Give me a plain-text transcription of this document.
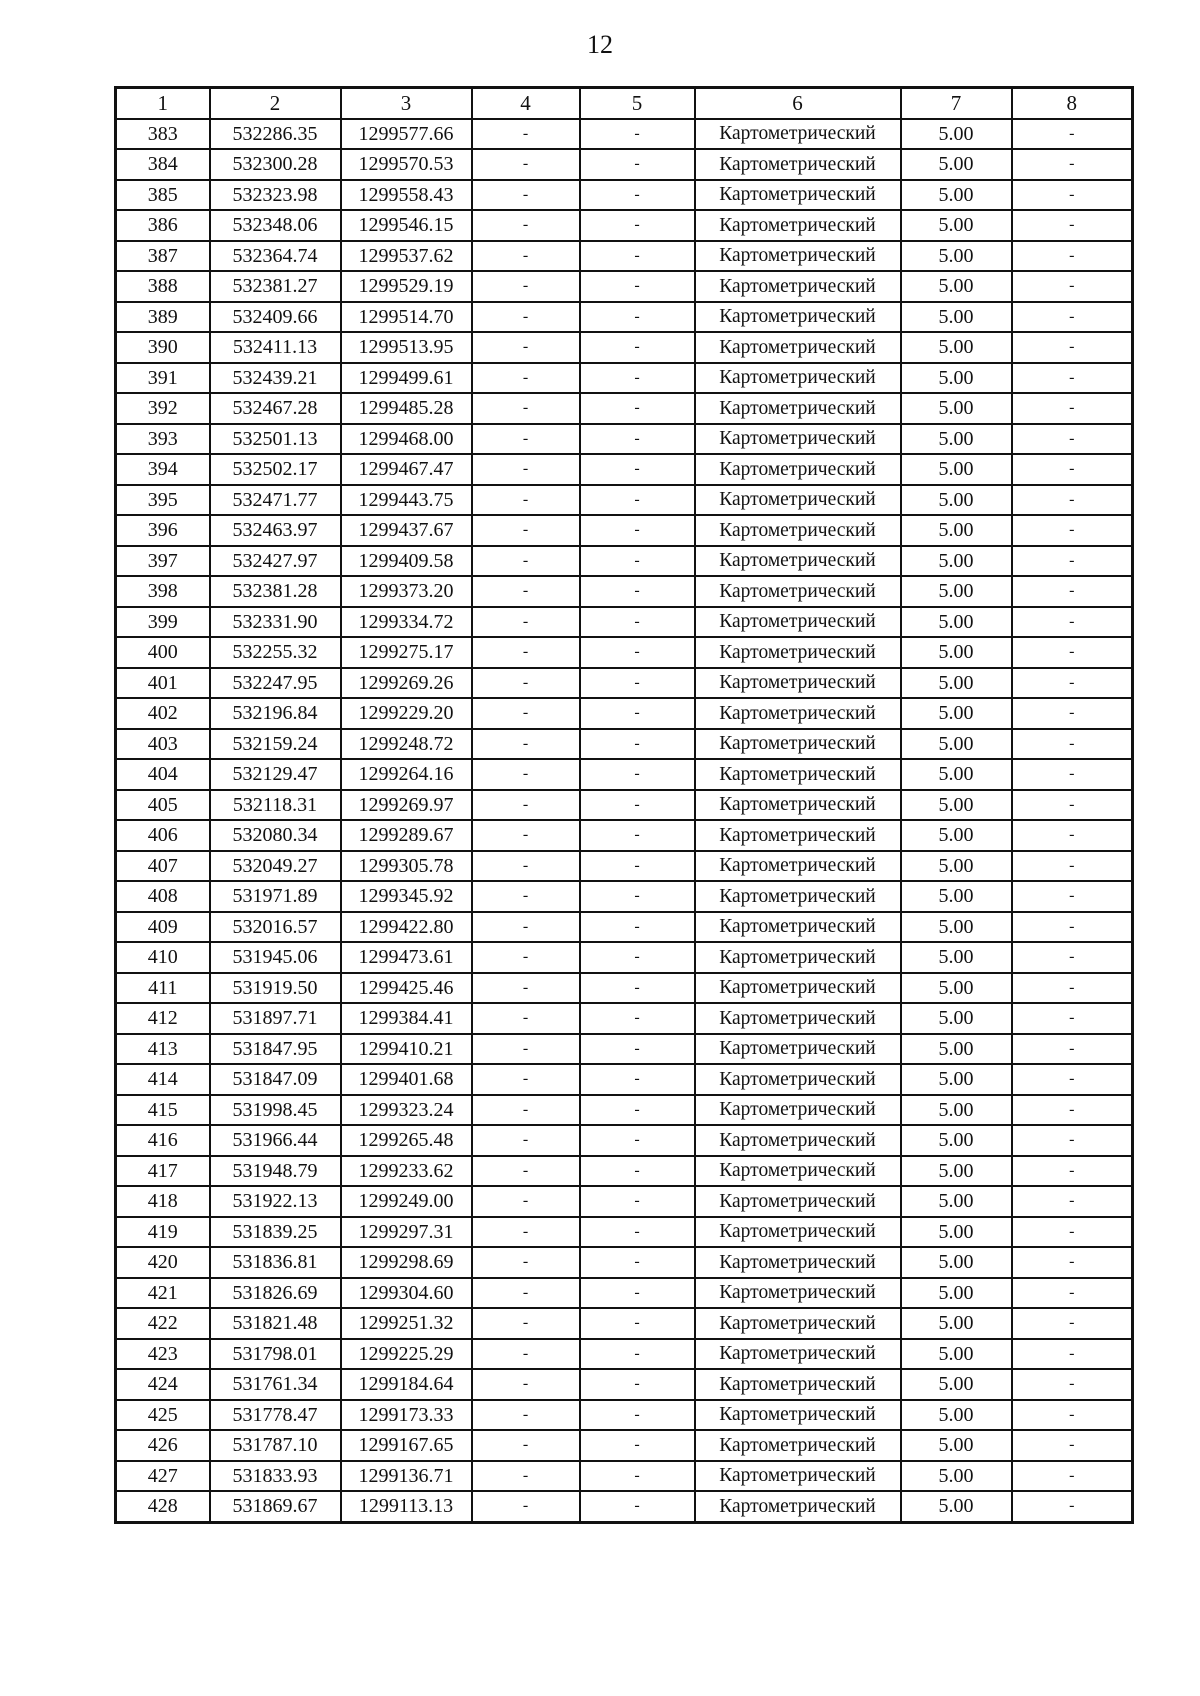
12
1	2	3	4	5	6	7	8
383	532286.35	1299577.66	-	-	Картометрический	5.00	-
384	532300.28	1299570.53	-	-	Картометрический	5.00	-
385	532323.98	1299558.43	-	-	Картометрический	5.00	-
386	532348.06	1299546.15	-	-	Картометрический	5.00	-
387	532364.74	1299537.62	-	-	Картометрический	5.00	-
388	532381.27	1299529.19	-	-	Картометрический	5.00	-
389	532409.66	1299514.70	-	-	Картометрический	5.00	-
390	532411.13	1299513.95	-	-	Картометрический	5.00	-
391	532439.21	1299499.61	-	-	Картометрический	5.00	-
392	532467.28	1299485.28	-	-	Картометрический	5.00	-
393	532501.13	1299468.00	-	-	Картометрический	5.00	-
394	532502.17	1299467.47	-	-	Картометрический	5.00	-
395	532471.77	1299443.75	-	-	Картометрический	5.00	-
396	532463.97	1299437.67	-	-	Картометрический	5.00	-
397	532427.97	1299409.58	-	-	Картометрический	5.00	-
398	532381.28	1299373.20	-	-	Картометрический	5.00	-
399	532331.90	1299334.72	-	-	Картометрический	5.00	-
400	532255.32	1299275.17	-	-	Картометрический	5.00	-
401	532247.95	1299269.26	-	-	Картометрический	5.00	-
402	532196.84	1299229.20	-	-	Картометрический	5.00	-
403	532159.24	1299248.72	-	-	Картометрический	5.00	-
404	532129.47	1299264.16	-	-	Картометрический	5.00	-
405	532118.31	1299269.97	-	-	Картометрический	5.00	-
406	532080.34	1299289.67	-	-	Картометрический	5.00	-
407	532049.27	1299305.78	-	-	Картометрический	5.00	-
408	531971.89	1299345.92	-	-	Картометрический	5.00	-
409	532016.57	1299422.80	-	-	Картометрический	5.00	-
410	531945.06	1299473.61	-	-	Картометрический	5.00	-
411	531919.50	1299425.46	-	-	Картометрический	5.00	-
412	531897.71	1299384.41	-	-	Картометрический	5.00	-
413	531847.95	1299410.21	-	-	Картометрический	5.00	-
414	531847.09	1299401.68	-	-	Картометрический	5.00	-
415	531998.45	1299323.24	-	-	Картометрический	5.00	-
416	531966.44	1299265.48	-	-	Картометрический	5.00	-
417	531948.79	1299233.62	-	-	Картометрический	5.00	-
418	531922.13	1299249.00	-	-	Картометрический	5.00	-
419	531839.25	1299297.31	-	-	Картометрический	5.00	-
420	531836.81	1299298.69	-	-	Картометрический	5.00	-
421	531826.69	1299304.60	-	-	Картометрический	5.00	-
422	531821.48	1299251.32	-	-	Картометрический	5.00	-
423	531798.01	1299225.29	-	-	Картометрический	5.00	-
424	531761.34	1299184.64	-	-	Картометрический	5.00	-
425	531778.47	1299173.33	-	-	Картометрический	5.00	-
426	531787.10	1299167.65	-	-	Картометрический	5.00	-
427	531833.93	1299136.71	-	-	Картометрический	5.00	-
428	531869.67	1299113.13	-	-	Картометрический	5.00	-
